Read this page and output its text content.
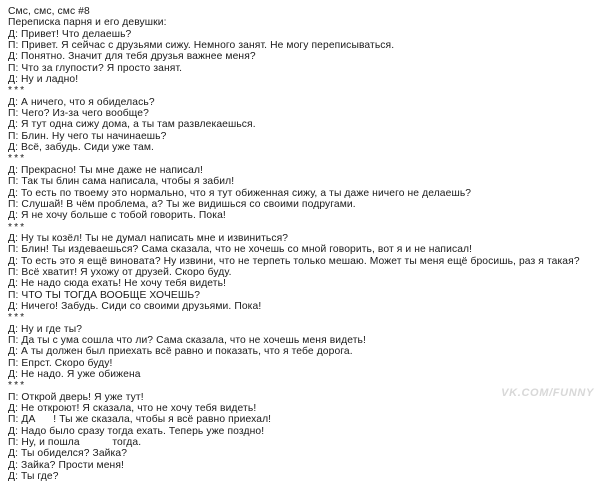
Смс, смс, смс #8
Переписка парня и его девушки:
Д: Привет! Что делаешь?
П: Привет. Я сейчас с друзьями сижу. Немного занят. Не могу переписываться.
Д: Понятно. Значит для тебя друзья важнее меня?
П: Что за глупости? Я просто занят.
Д: Ну и ладно!
***
Д: А ничего, что я обиделась?
П: Чего? Из-за чего вообще?
Д: Я тут одна сижу дома, а ты там развлекаешься.
П: Блин. Ну чего ты начинаешь?
Д: Всё, забудь. Сиди уже там.
***
Д: Прекрасно! Ты мне даже не написал!
П: Так ты блин сама написала, чтобы я забил!
Д: То есть по твоему это нормально, что я тут обиженная сижу, а ты даже ничего не делаешь?
П: Слушай! В чём проблема, а? Ты же видишься со своими подругами.
Д: Я не хочу больше с тобой говорить. Пока!
***
Д: Ну ты козёл! Ты не думал написать мне и извиниться?
П: Блин! Ты издеваешься? Сама сказала, что не хочешь со мной говорить, вот я и не написал!
Д: То есть это я ещё виновата? Ну извини, что не терпеть только мешаю. Может ты меня ещё бросишь, раз я такая?
П: Всё хватит! Я ухожу от друзей. Скоро буду.
Д: Не надо сюда ехать! Не хочу тебя видеть!
П: ЧТО ТЫ ТОГДА ВООБЩЕ ХОЧЕШЬ?
Д: Ничего! Забудь. Сиди со своими друзьями. Пока!
***
Д: Ну и где ты?
П: Да ты с ума сошла что ли? Сама сказала, что не хочешь меня видеть!
Д: А ты должен был приехать всё равно и показать, что я тебе дорога.
П: Епрст. Скоро буду!
Д: Не надо. Я уже обижена
***
П: Открой дверь! Я уже тут!
Д: Не откроют! Я сказала, что не хочу тебя видеть!
П: ДА      ! Ты же сказала, чтобы я всё равно приехал!
Д: Надо было сразу тогда ехать. Теперь уже поздно!
П: Ну, и пошла           тогда.
Д: Ты обиделся? Зайка?
Д: Зайка? Прости меня!
Д: Ты где?
VK.COM/FUNNY
